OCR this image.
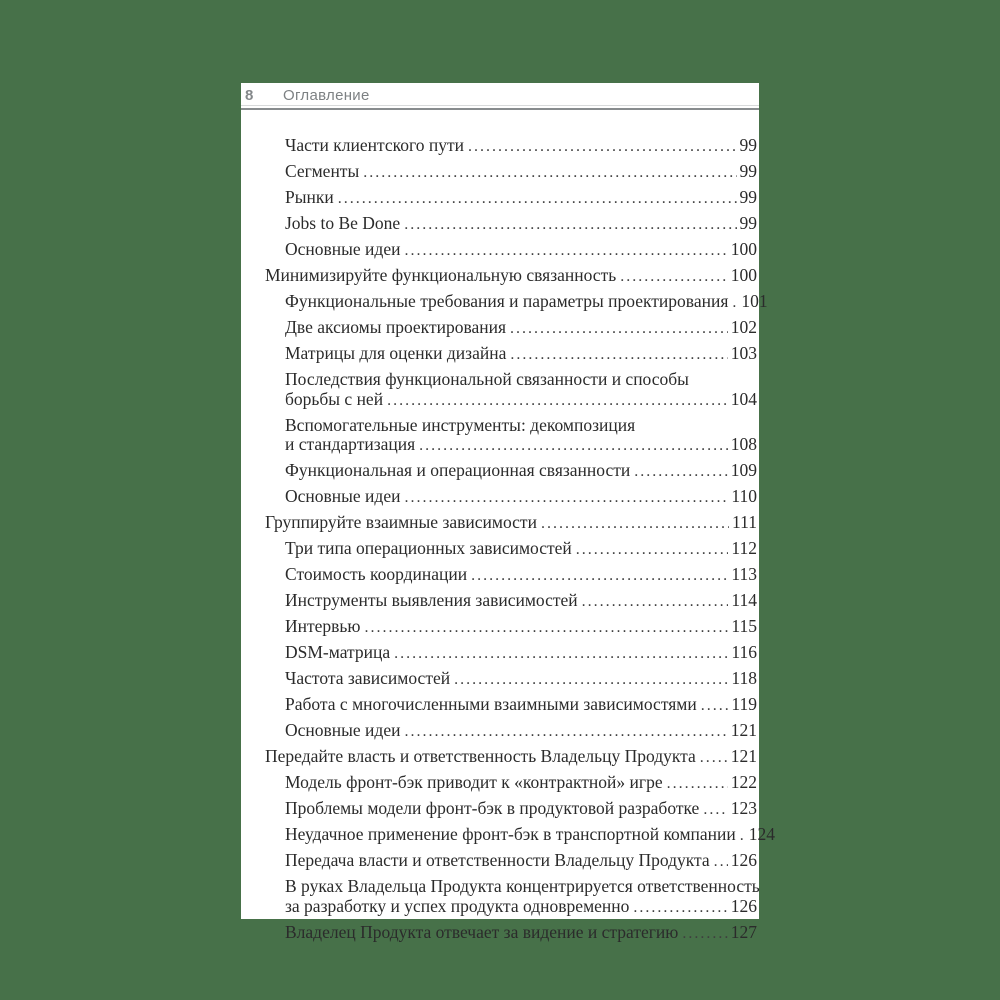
8	Оглавление
Части клиентского пути .....	99
Сегменты .....	99
Рынки .....	99
Jobs to Be Done .....	99
Основные идеи .....	100
Минимизируйте функциональную связанность .....	100
Функциональные требования и параметры проектирования ..... 101
Две аксиомы проектирования .....	102
Матрицы для оценки дизайна .....	103
Последствия функциональной связанности и способы
борьбы с ней .....	104
Вспомогательные инструменты: декомпозиция
и стандартизация .....	108
Функциональная и операционная связанности .....	109
Основные идеи .....	110
Группируйте взаимные зависимости .....	111
Три типа операционных зависимостей .....	112
Стоимость координации .....	113
Инструменты выявления зависимостей .....	114
Интервью .....	115
DSM-матрица .....	116
Частота зависимостей .....	118
Работа с многочисленными взаимными зависимостями ..... 119
Основные идеи .....	121
Передайте власть и ответственность Владельцу Продукта ..... 121
Модель фронт-бэк приводит к «контрактной» игре .....	122
Проблемы модели фронт-бэк в продуктовой разработке ..... 123
Неудачное применение фронт-бэк в транспортной компании ..... 124
Передача власти и ответственности Владельцу Продукта ..... 126
В руках Владельца Продукта концентрируется ответственность
за разработку и успех продукта одновременно .....	126
Владелец Продукта отвечает за видение и стратегию .....	127
